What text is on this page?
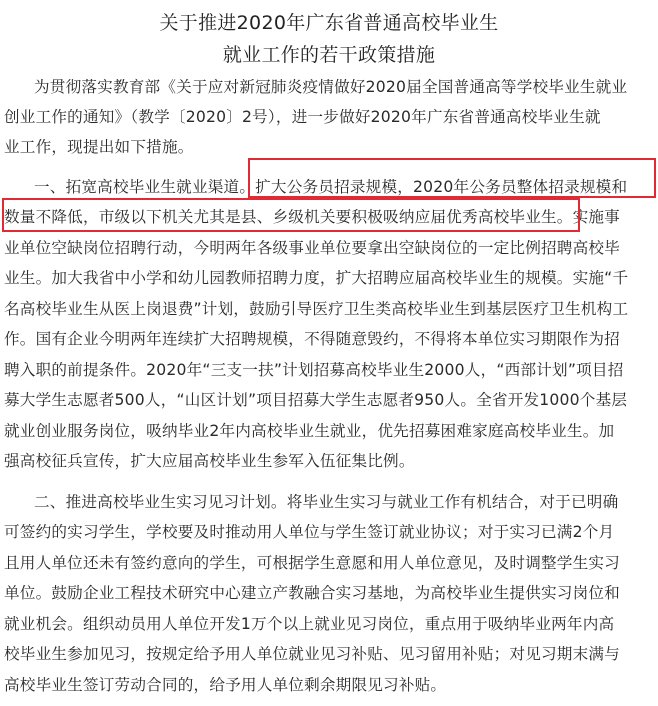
关于推进2020年广东省普通高校毕业生
就业工作的若干政策措施
为贯彻落实教育部《关于应对新冠肺炎疫情做好2020届全国普通高等学校毕业生就业
创业工作的通知》（教学〔2020〕2号），进一步做好2020年广东省普通高校毕业生就
业工作，现提出如下措施。
一、拓宽高校毕业生就业渠道。扩大公务员招录规模，2020年公务员整体招录规模和
数量不降低，市级以下机关尤其是县、乡级机关要积极吸纳应届优秀高校毕业生。实施事
业单位空缺岗位招聘行动，今明两年各级事业单位要拿出空缺岗位的一定比例招聘高校毕
业生。加大我省中小学和幼儿园教师招聘力度，扩大招聘应届高校毕业生的规模。实施“千
名高校毕业生从医上岗退费”计划，鼓励引导医疗卫生类高校毕业生到基层医疗卫生机构工
作。国有企业今明两年连续扩大招聘规模，不得随意毁约，不得将本单位实习期限作为招
聘入职的前提条件。2020年“三支一扶”计划招募高校毕业生2000人，“西部计划”项目招
募大学生志愿者500人，“山区计划”项目招募大学生志愿者950人。全省开发1000个基层
就业创业服务岗位，吸纳毕业2年内高校毕业生就业，优先招募困难家庭高校毕业生。加
强高校征兵宣传，扩大应届高校毕业生参军入伍征集比例。
二、推进高校毕业生实习见习计划。将毕业生实习与就业工作有机结合，对于已明确
可签约的实习学生，学校要及时推动用人单位与学生签订就业协议；对于实习已满2个月
且用人单位还未有签约意向的学生，可根据学生意愿和用人单位意见，及时调整学生实习
单位。鼓励企业工程技术研究中心建立产教融合实习基地，为高校毕业生提供实习岗位和
就业机会。组织动员用人单位开发1万个以上就业见习岗位，重点用于吸纳毕业两年内高
校毕业生参加见习，按规定给予用人单位就业见习补贴、见习留用补贴；对见习期末满与
高校毕业生签订劳动合同的，给予用人单位剩余期限见习补贴。
